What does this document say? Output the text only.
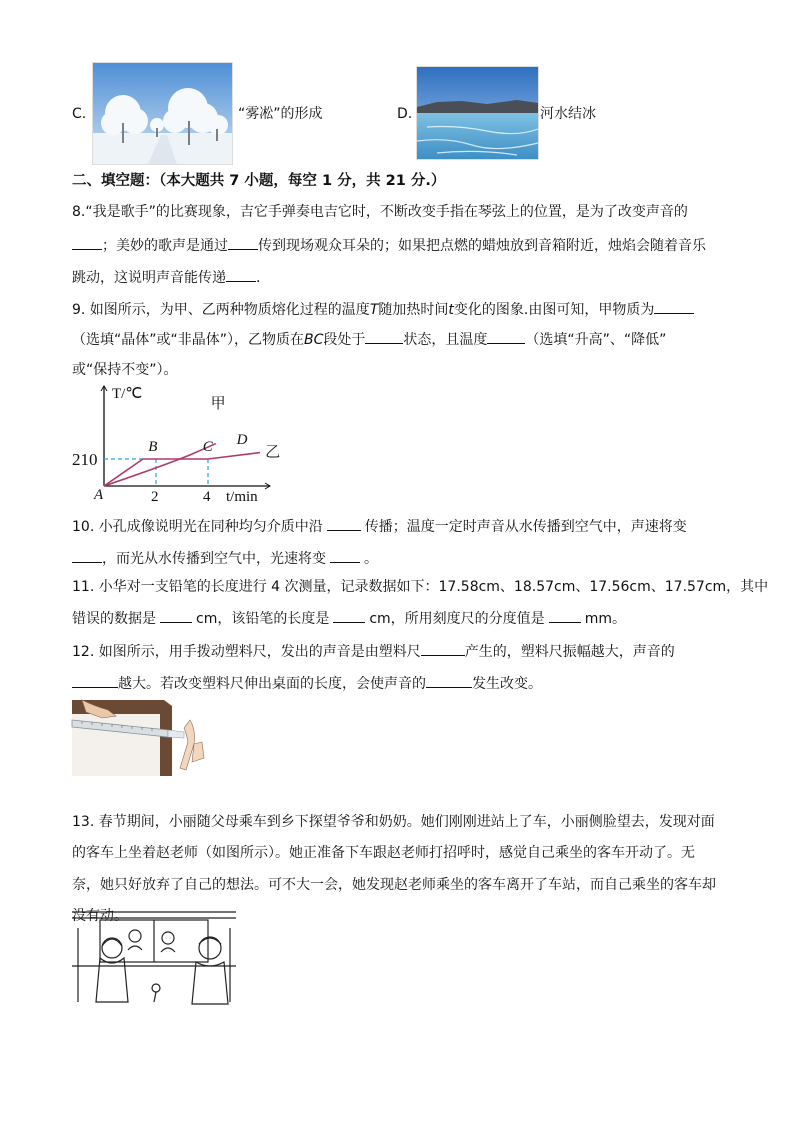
C.	“雾凇”的形成	D.	河水结冰
二、填空题：（本大题共 7 小题，每空 1 分，共 21 分.）
8.“我是歌手”的比赛现象，吉它手弹奏电吉它时，不断改变手指在琴弦上的位置，是为了改变声音的
；美妙的歌声是通过 传到现场观众耳朵的；如果把点燃的蜡烛放到音箱附近，烛焰会随着音乐
跳动，这说明声音能传递 .
9. 如图所示，为甲、乙两种物质熔化过程的温度T随加热时间t变化的图象.由图可知，甲物质为
（选填“晶体”或“非晶体”），乙物质在BC段处于	状态，且温度	（选填“升高”、“降低”
或“保持不变”）。
T/℃
t/min
210
2	4
甲
乙
A
B	C D
10. 小孔成像说明光在同种均匀介质中沿	传播；温度一定时声音从水传播到空气中，声速将变
，而光从水传播到空气中，光速将变	。
11. 小华对一支铅笔的长度进行 4 次测量，记录数据如下：17.58cm、18.57cm、17.56cm、17.57cm，其中
错误的数据是	cm，该铅笔的长度是	cm，所用刻度尺的分度值是	mm。
12. 如图所示，用手拨动塑料尺，发出的声音是由塑料尺	产生的，塑料尺振幅越大，声音的
越大。若改变塑料尺伸出桌面的长度，会使声音的	发生改变。
13. 春节期间，小丽随父母乘车到乡下探望爷爷和奶奶。她们刚刚进站上了车，小丽侧脸望去，发现对面
的客车上坐着赵老师（如图所示）。她正准备下车跟赵老师打招呼时，感觉自己乘坐的客车开动了。无
奈，她只好放弃了自己的想法。可不大一会，她发现赵老师乘坐的客车离开了车站，而自己乘坐的客车却
没有动。
